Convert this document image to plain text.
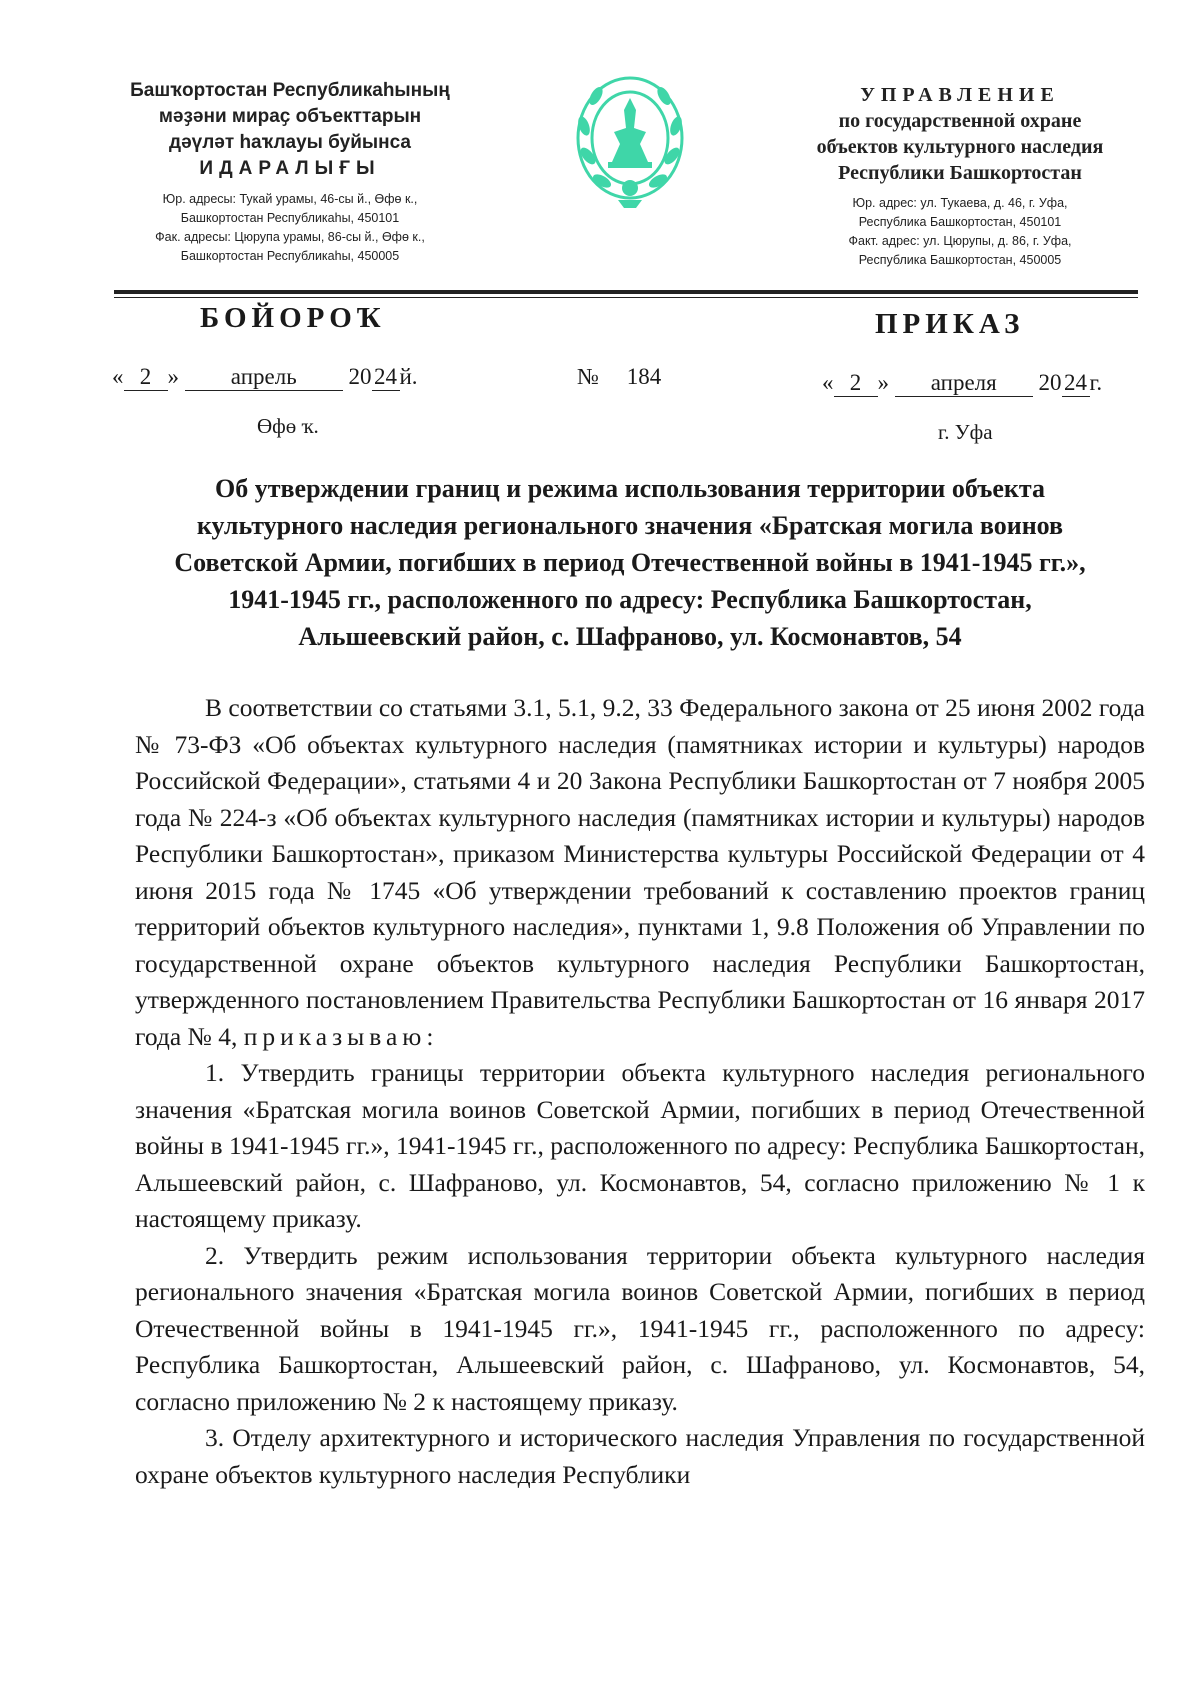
Башҡортостан Республикаһының
мәҙәни мираҫ объекттарын
дәүләт һаҡлауы буйынса
ИДАРАЛЫҒЫ
Юр. адресы: Тукай урамы, 46-сы й., Өфө к.,
Башкортостан Республикаһы, 450101
Фак. адресы: Цюрупа урамы, 86-сы й., Өфө к.,
Башкортостан Республикаһы, 450005
УПРАВЛЕНИЕ
по государственной охране
объектов культурного наследия
Республики Башкортостан
Юр. адрес: ул. Тукаева, д. 46, г. Уфа,
Республика Башкортостан, 450101
Факт. адрес: ул. Цюрупы, д. 86, г. Уфа,
Республика Башкортостан, 450005
БОЙОРОҠ	ПРИКАЗ
« 2 » апрель 20 24 й.	№ 184	« 2 » апреля 20 24 г.
Өфө ҡ.	г. Уфа
Об утверждении границ и режима использования территории объекта
культурного наследия регионального значения «Братская могила воинов
Советской Армии, погибших в период Отечественной войны в 1941-1945 гг.»,
1941-1945 гг., расположенного по адресу: Республика Башкортостан,
Альшеевский район, с. Шафраново, ул. Космонавтов, 54

В соответствии со статьями 3.1, 5.1, 9.2, 33 Федерального закона от 25 июня 2002 года № 73-ФЗ «Об объектах культурного наследия (памятниках истории и культуры) народов Российской Федерации», статьями 4 и 20 Закона Республики Башкортостан от 7 ноября 2005 года № 224-з «Об объектах культурного наследия (памятниках истории и культуры) народов Республики Башкортостан», приказом Министерства культуры Российской Федерации от 4 июня 2015 года № 1745 «Об утверждении требований к составлению проектов границ территорий объектов культурного наследия», пунктами 1, 9.8 Положения об Управлении по государственной охране объектов культурного наследия Республики Башкортостан, утвержденного постановлением Правительства Республики Башкортостан от 16 января 2017 года № 4, приказываю:

1. Утвердить границы территории объекта культурного наследия регионального значения «Братская могила воинов Советской Армии, погибших в период Отечественной войны в 1941-1945 гг.», 1941-1945 гг., расположенного по адресу: Республика Башкортостан, Альшеевский район, с. Шафраново, ул. Космонавтов, 54, согласно приложению № 1 к настоящему приказу.

2. Утвердить режим использования территории объекта культурного наследия регионального значения «Братская могила воинов Советской Армии, погибших в период Отечественной войны в 1941-1945 гг.», 1941-1945 гг., расположенного по адресу: Республика Башкортостан, Альшеевский район, с. Шафраново, ул. Космонавтов, 54, согласно приложению № 2 к настоящему приказу.

3. Отделу архитектурного и исторического наследия Управления по государственной охране объектов культурного наследия Республики
